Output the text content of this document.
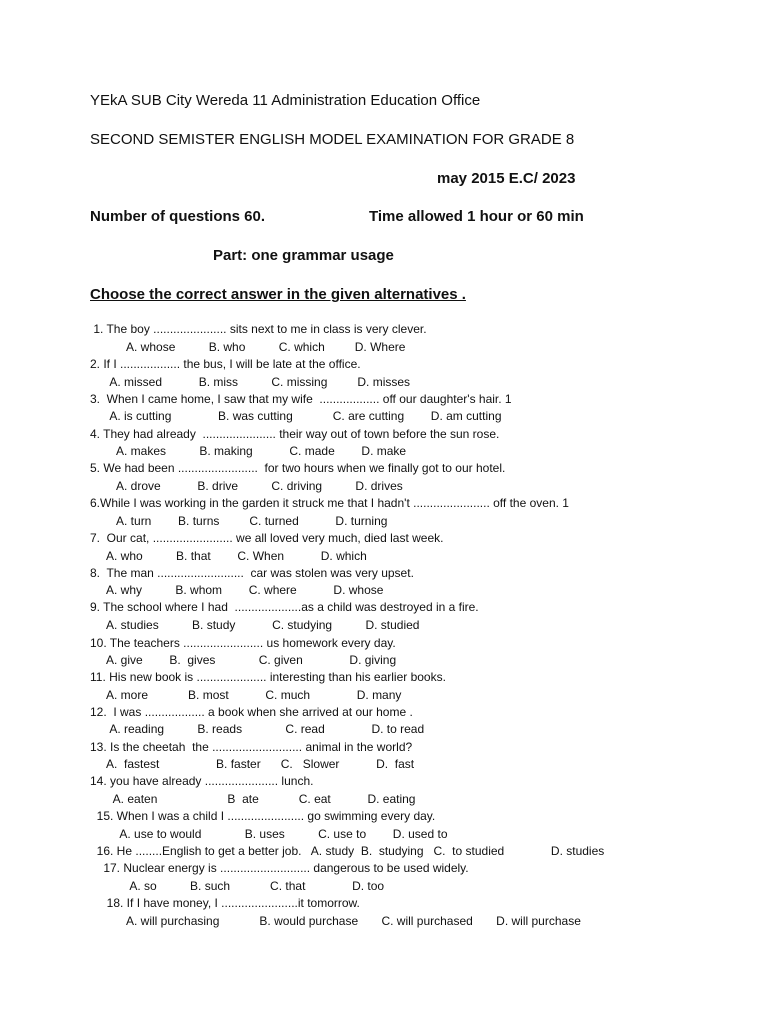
YEkA SUB City Wereda 11 Administration Education Office
SECOND SEMISTER ENGLISH MODEL EXAMINATION FOR GRADE 8
may 2015 E.C/ 2023
Number of questions 60.	Time allowed 1 hour or 60 min
Part: one grammar usage
Choose the correct answer in the given alternatives .
1. The boy ...................... sits next to me in class is very clever.
A. whose          B. who          C. which         D. Where
2. If I .................. the bus, I will be late at the office.
A. missed           B. miss          C. missing         D. misses
3.  When I came home, I saw that my wife  .................. off our daughter's hair. 1
A. is cutting              B. was cutting            C. are cutting        D. am cutting
4. They had already  ...................... their way out of town before the sun rose.
A. makes          B. making           C. made        D. make
5. We had been ........................  for two hours when we finally got to our hotel.
A. drove           B. drive          C. driving          D. drives
6.While I was working in the garden it struck me that I hadn't ....................... off the oven. 1
A. turn        B. turns         C. turned           D. turning
7.  Our cat, ........................ we all loved very much, died last week.
A. who          B. that        C. When           D. which
8.  The man ..........................  car was stolen was very upset.
A. why          B. whom        C. where           D. whose
9. The school where I had  ....................as a child was destroyed in a fire.
A. studies          B. study           C. studying          D. studied
10. The teachers ........................ us homework every day.
A. give        B.  gives             C. given              D. giving
11. His new book is ..................... interesting than his earlier books.
A. more            B. most           C. much              D. many
12.  I was .................. a book when she arrived at our home .
A. reading          B. reads             C. read              D. to read
13. Is the cheetah  the ........................... animal in the world?
A.  fastest                 B. faster      C.   Slower           D.  fast
14. you have already ...................... lunch.
A. eaten                     B  ate            C. eat           D. eating
15. When I was a child I ....................... go swimming every day.
A. use to would             B. uses          C. use to        D. used to
16. He ........English to get a better job.   A. study  B.  studying   C.  to studied              D. studies
17. Nuclear energy is ........................... dangerous to be used widely.
A. so          B. such            C. that              D. too
18. If I have money, I .......................it tomorrow.
A. will purchasing            B. would purchase       C. will purchased       D. will purchase
